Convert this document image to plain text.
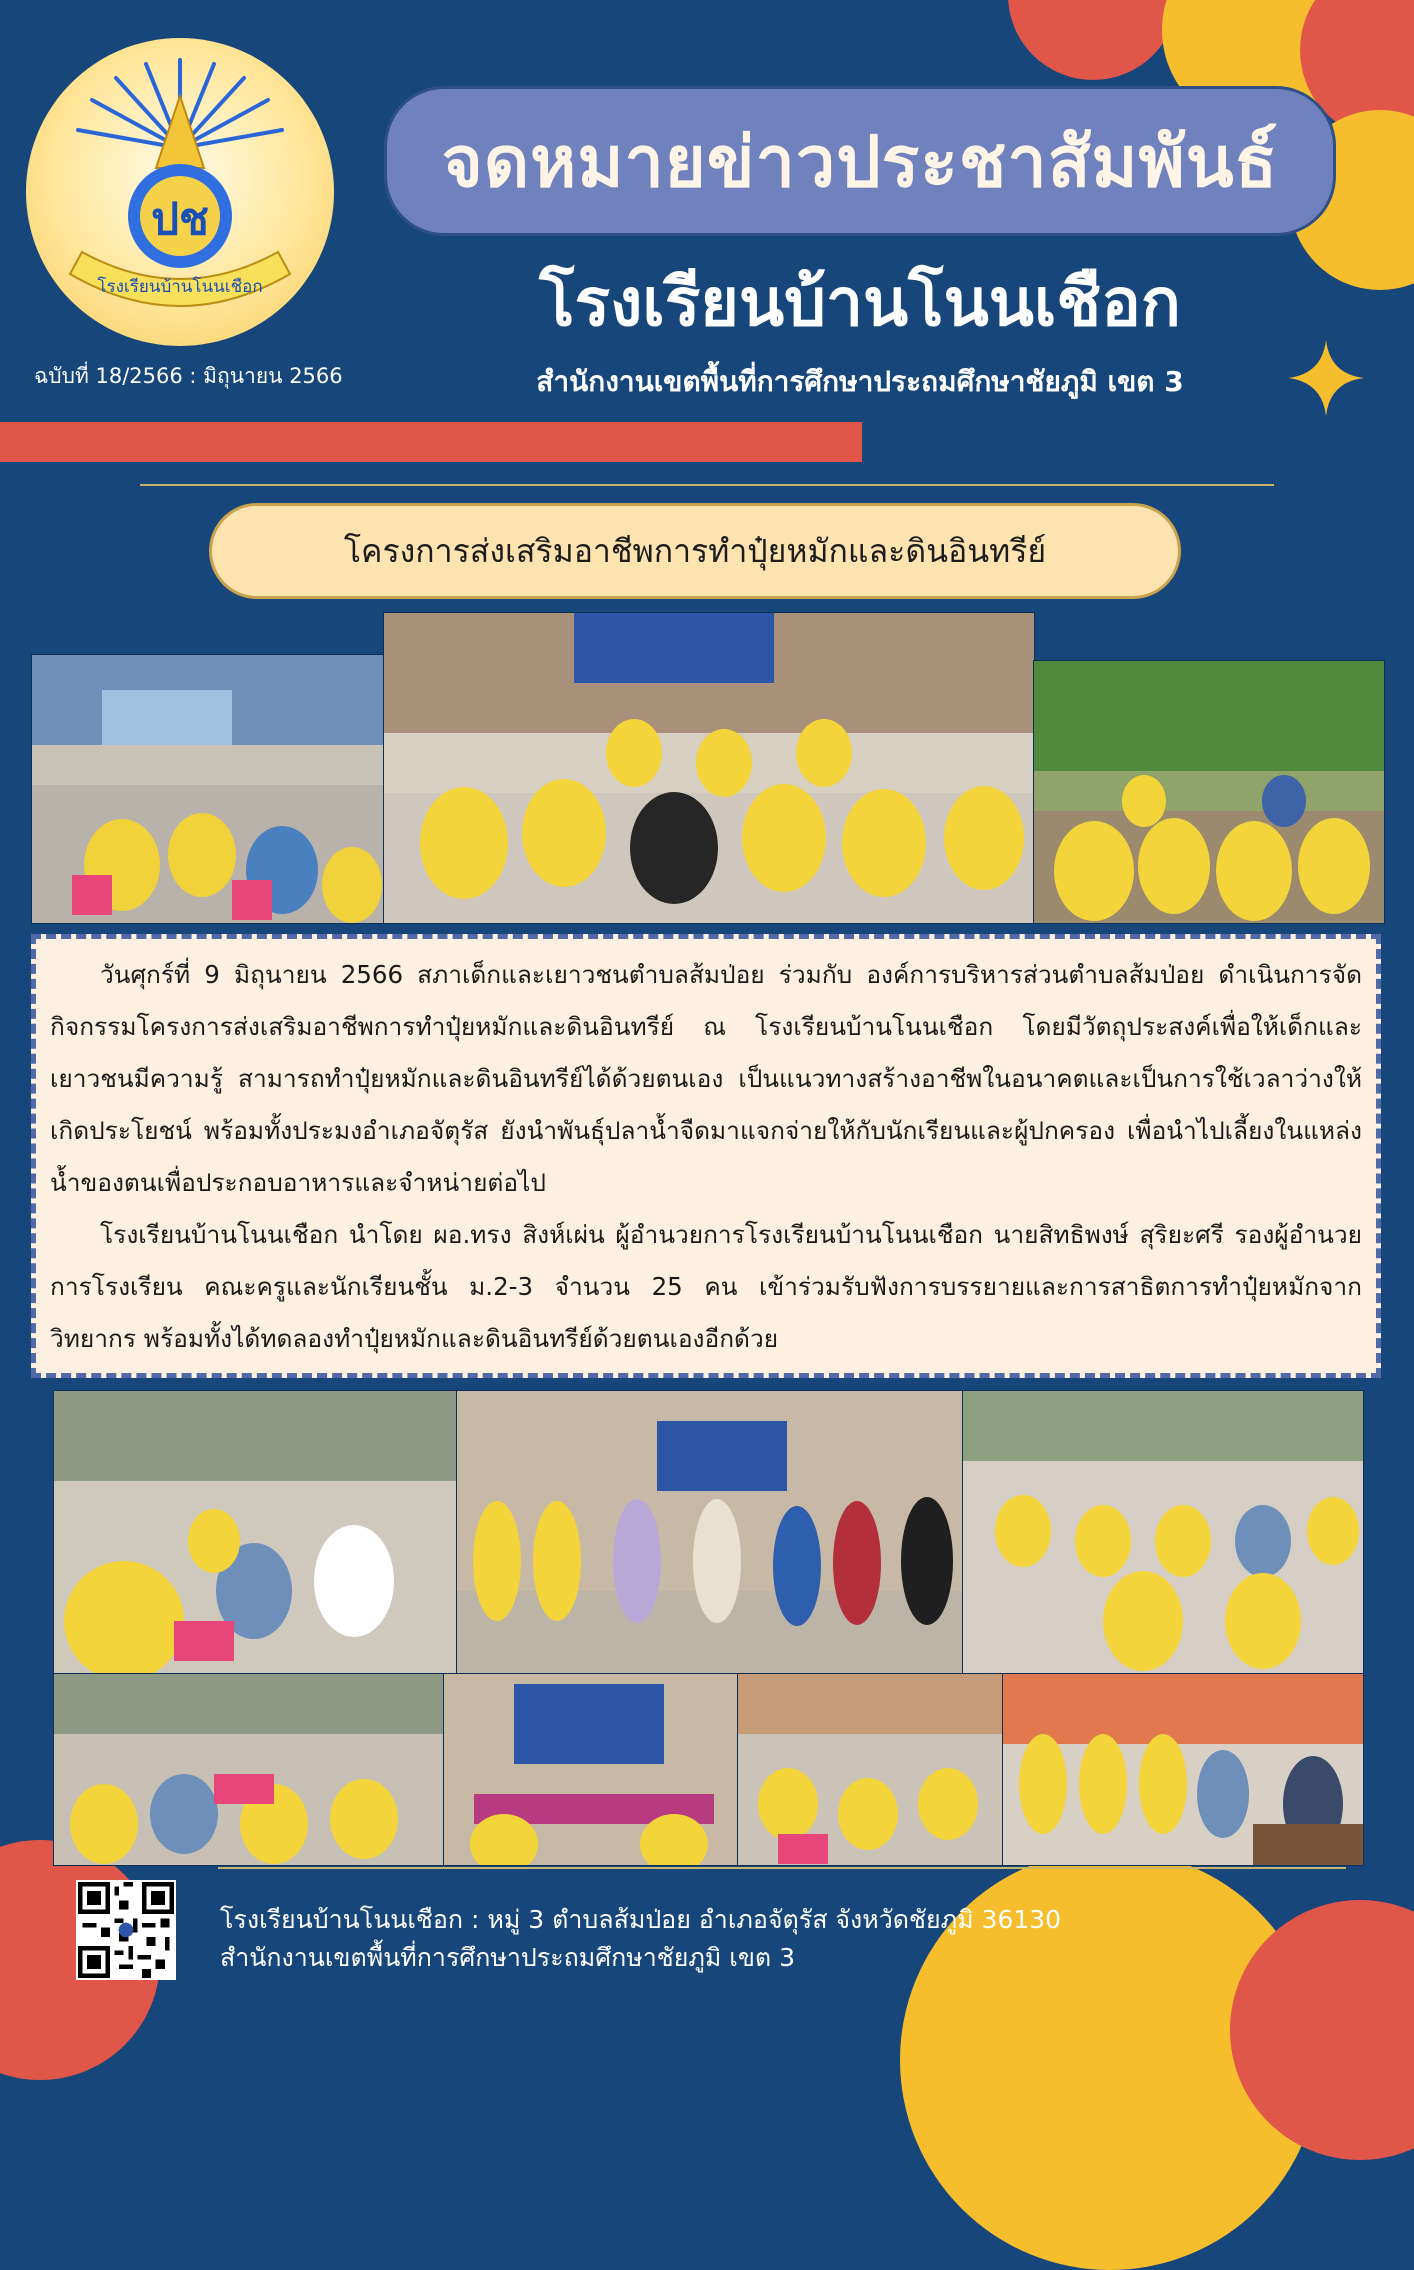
ปช
โรงเรียนบ้านโนนเชือก
ฉบับที่ 18/2566 : มิถุนายน 2566
จดหมายข่าวประชาสัมพันธ์
โรงเรียนบ้านโนนเชือก
สำนักงานเขตพื้นที่การศึกษาประถมศึกษาชัยภูมิ เขต 3
โครงการส่งเสริมอาชีพการทำปุ๋ยหมักและดินอินทรีย์

วันศุกร์ที่ 9 มิถุนายน 2566 สภาเด็กและเยาวชนตำบลส้มป่อย ร่วมกับ องค์การบริหารส่วนตำบลส้มป่อย ดำเนินการจัดกิจกรรมโครงการส่งเสริมอาชีพการทำปุ๋ยหมักและดินอินทรีย์ ณ โรงเรียนบ้านโนนเชือก โดยมีวัตถุประสงค์เพื่อให้เด็กและเยาวชนมีความรู้ สามารถทำปุ๋ยหมักและดินอินทรีย์ได้ด้วยตนเอง เป็นแนวทางสร้างอาชีพในอนาคตและเป็นการใช้เวลาว่างให้เกิดประโยชน์ พร้อมทั้งประมงอำเภอจัตุรัส ยังนำพันธุ์ปลาน้ำจืดมาแจกจ่ายให้กับนักเรียนและผู้ปกครอง เพื่อนำไปเลี้ยงในแหล่งน้ำของตนเพื่อประกอบอาหารและจำหน่ายต่อไป

โรงเรียนบ้านโนนเชือก นำโดย ผอ.ทรง สิงห์เผ่น ผู้อำนวยการโรงเรียนบ้านโนนเชือก นายสิทธิพงษ์ สุริยะศรี รองผู้อำนวยการโรงเรียน คณะครูและนักเรียนชั้น ม.2-3 จำนวน 25 คน เข้าร่วมรับฟังการบรรยายและการสาธิตการทำปุ๋ยหมักจากวิทยากร พร้อมทั้งได้ทดลองทำปุ๋ยหมักและดินอินทรีย์ด้วยตนเองอีกด้วย

โรงเรียนบ้านโนนเชือก : หมู่ 3 ตำบลส้มป่อย อำเภอจัตุรัส จังหวัดชัยภูมิ 36130
สำนักงานเขตพื้นที่การศึกษาประถมศึกษาชัยภูมิ เขต 3
